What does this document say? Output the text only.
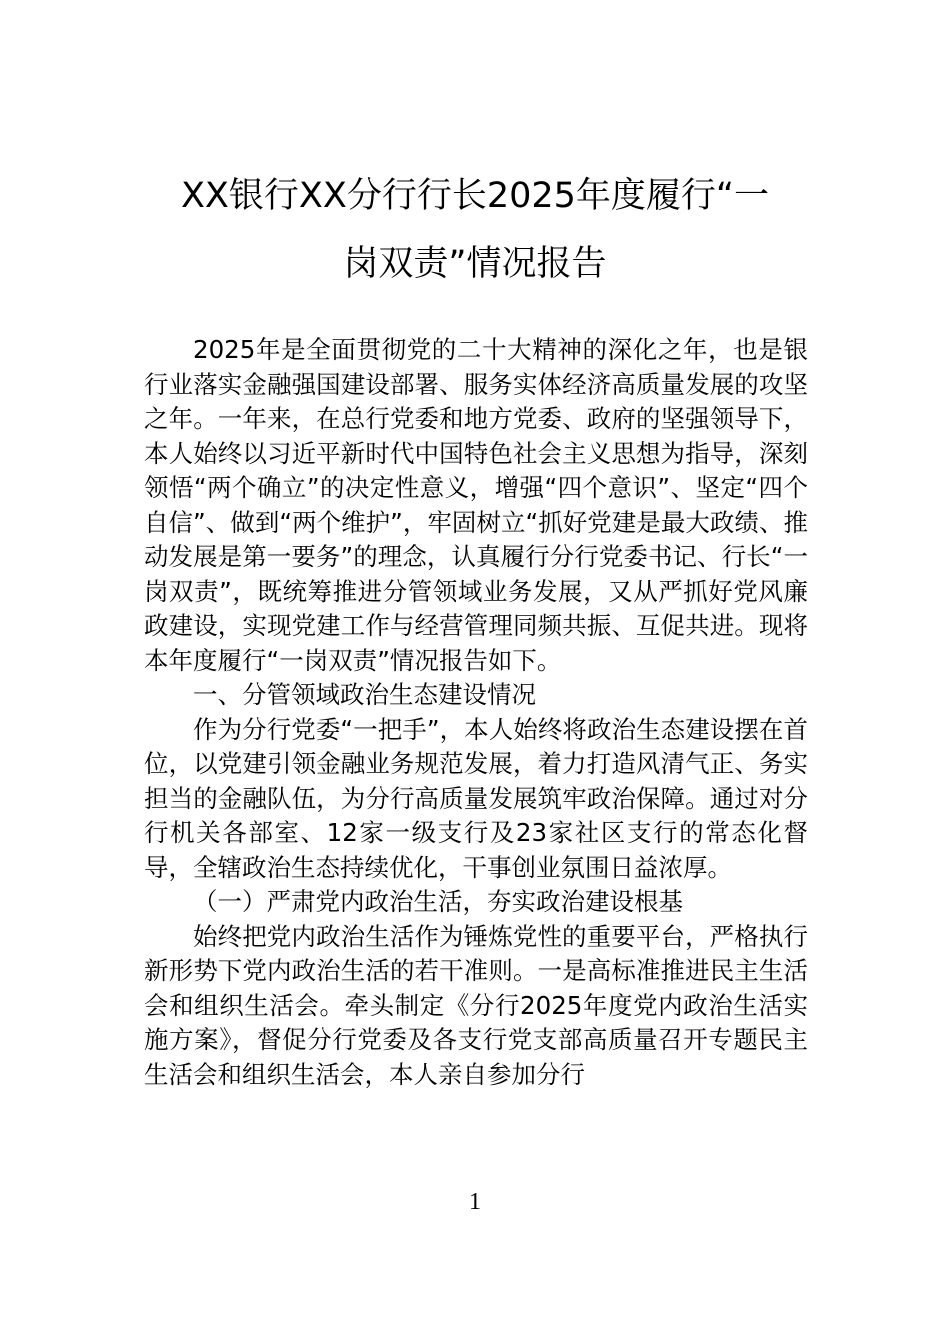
XX银行XX分行行长2025年度履行“一
岗双责”情况报告

2025年是全面贯彻党的二十大精神的深化之年，也是银行业落实金融强国建设部署、服务实体经济高质量发展的攻坚之年。一年来，在总行党委和地方党委、政府的坚强领导下，本人始终以习近平新时代中国特色社会主义思想为指导，深刻领悟“两个确立”的决定性意义，增强“四个意识”、坚定“四个自信”、做到“两个维护”，牢固树立“抓好党建是最大政绩、推动发展是第一要务”的理念，认真履行分行党委书记、行长“一岗双责”，既统筹推进分管领域业务发展，又从严抓好党风廉政建设，实现党建工作与经营管理同频共振、互促共进。现将本年度履行“一岗双责”情况报告如下。

一、分管领域政治生态建设情况

作为分行党委“一把手”，本人始终将政治生态建设摆在首位，以党建引领金融业务规范发展，着力打造风清气正、务实担当的金融队伍，为分行高质量发展筑牢政治保障。通过对分行机关各部室、12家一级支行及23家社区支行的常态化督导，全辖政治生态持续优化，干事创业氛围日益浓厚。

（一）严肃党内政治生活，夯实政治建设根基

始终把党内政治生活作为锤炼党性的重要平台，严格执行新形势下党内政治生活的若干准则。一是高标准推进民主生活会和组织生活会。牵头制定《分行2025年度党内政治生活实施方案》，督促分行党委及各支行党支部高质量召开专题民主生活会和组织生活会，本人亲自参加分行

1
